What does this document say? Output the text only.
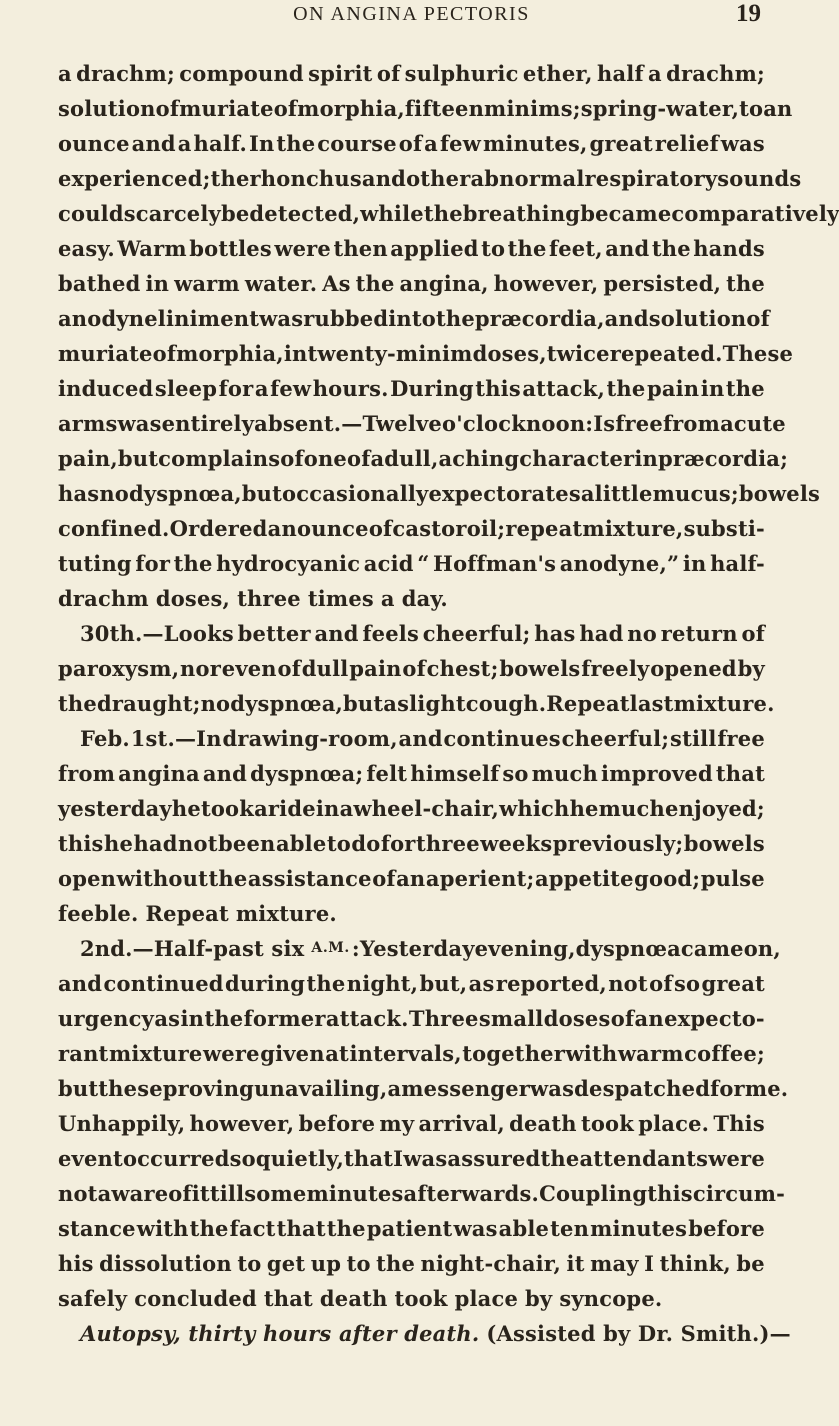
ON ANGINA PECTORIS	19
a drachm; compound spirit of sulphuric ether, half a drachm;
solution of muriate of morphia, fifteen minims; spring-water, to an
ounce and a half. In the course of a few minutes, great relief was
experienced; the rhonchus and other abnormal respiratory sounds
could scarcely be detected, while the breathing became comparatively
easy. Warm bottles were then applied to the feet, and the hands
bathed in warm water. As the angina, however, persisted, the
anodyne liniment was rubbed into the præcordia, and solution of
muriate of morphia, in twenty-minim doses, twice repeated. These
induced sleep for a few hours. During this attack, the pain in the
arms was entirely absent.—Twelve o'clock noon: Is free from acute
pain, but complains of one of a dull, aching character in præcordia;
has no dyspnœa, but occasionally expectorates a little mucus; bowels
confined. Ordered an ounce of castor oil; repeat mixture, substi-
tuting for the hydrocyanic acid “ Hoffman's anodyne,” in half-
drachm doses, three times a day.
30th.—Looks better and feels cheerful; has had no return of
paroxysm, nor even of dull pain of chest; bowels freely opened by
the draught; no dyspnœa, but a slight cough. Repeat last mixture.
Feb. 1st.—In drawing-room, and continues cheerful; still free
from angina and dyspnœa; felt himself so much improved that
yesterday he took a ride in a wheel-chair, which he much enjoyed;
this he had not been able to do for three weeks previously; bowels
open without the assistance of an aperient; appetite good; pulse
feeble. Repeat mixture.
2nd.—Half-past six A.M. : Yesterday evening, dyspnœa came on,
and continued during the night, but, as reported, not of so great
urgency as in the former attack. Three small doses of an expecto-
rant mixture were given at intervals, together with warm coffee;
but these proving unavailing, a messenger was despatched for me.
Unhappily, however, before my arrival, death took place. This
event occurred so quietly, that I was assured the attendants were
not aware of it till some minutes afterwards. Coupling this circum-
stance with the fact that the patient was able ten minutes before
his dissolution to get up to the night-chair, it may I think, be
safely concluded that death took place by syncope.
Autopsy, thirty hours after death. (Assisted by Dr. Smith.)—
